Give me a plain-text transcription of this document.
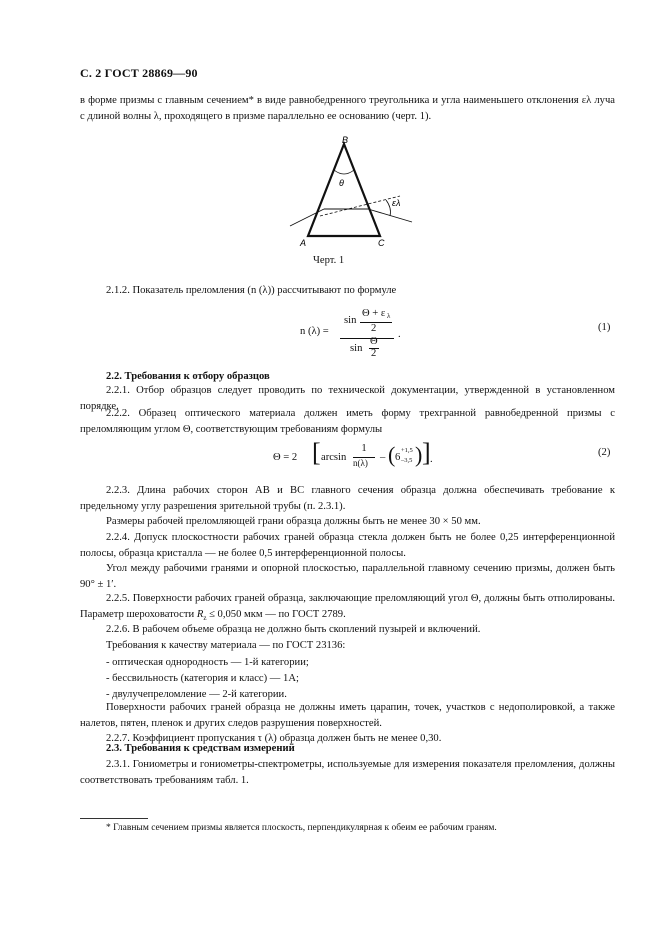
С. 2 ГОСТ 28869—90
в форме призмы с главным сечением* в виде равнобедренного треугольника и угла наименьшего отклонения ελ луча с длиной волны λ, проходящего в призме параллельно ее основанию (черт. 1).
B
θ
ελ
A	C
Черт. 1
2.1.2. Показатель преломления (n (λ)) рассчитывают по формуле
n (λ) =
sin
Θ + ε λ
2
sin
Θ
2
.
(1)
2.2. Требования к отбору образцов
2.2.1. Отбор образцов следует проводить по технической документации, утвержденной в установленном порядке.
2.2.2. Образец оптического материала должен иметь форму трехгранной равнобедренной призмы с преломляющим углом Θ, соответствующим требованиям формулы
Θ = 2 [ arcsin
1
n(λ) – ( 6
+1,5
–3,5 ) ] .
(2)
2.2.3. Длина рабочих сторон АВ и ВС главного сечения образца должна обеспечивать требование к предельному углу разрешения зрительной трубы (п. 2.3.1).
Размеры рабочей преломляющей грани образца должны быть не менее 30 × 50 мм.
2.2.4. Допуск плоскостности рабочих граней образца стекла должен быть не более 0,25 интерференционной полосы, образца кристалла — не более 0,5 интерференционной полосы.
Угол между рабочими гранями и опорной плоскостью, параллельной главному сечению призмы, должен быть 90° ± 1′.
2.2.5. Поверхности рабочих граней образца, заключающие преломляющий угол Θ, должны быть отполированы. Параметр шероховатости $R_z \le 0,050$ мкм — по ГОСТ 2789.
2.2.6. В рабочем объеме образца не должно быть скоплений пузырей и включений.
Требования к качеству материала — по ГОСТ 23136:
- оптическая однородность — 1-й категории;
- бессвильность (категория и класс) — 1А;
- двулучепреломление — 2-й категории.
Поверхности рабочих граней образца не должны иметь царапин, точек, участков с недополировкой, а также налетов, пятен, пленок и других следов разрушения поверхностей.
2.2.7. Коэффициент пропускания τ (λ) образца должен быть не менее 0,30.
2.3. Требования к средствам измерений
2.3.1. Гониометры и гониометры-спектрометры, используемые для измерения показателя преломления, должны соответствовать требованиям табл. 1.
* Главным сечением призмы является плоскость, перпендикулярная к обеим ее рабочим граням.
